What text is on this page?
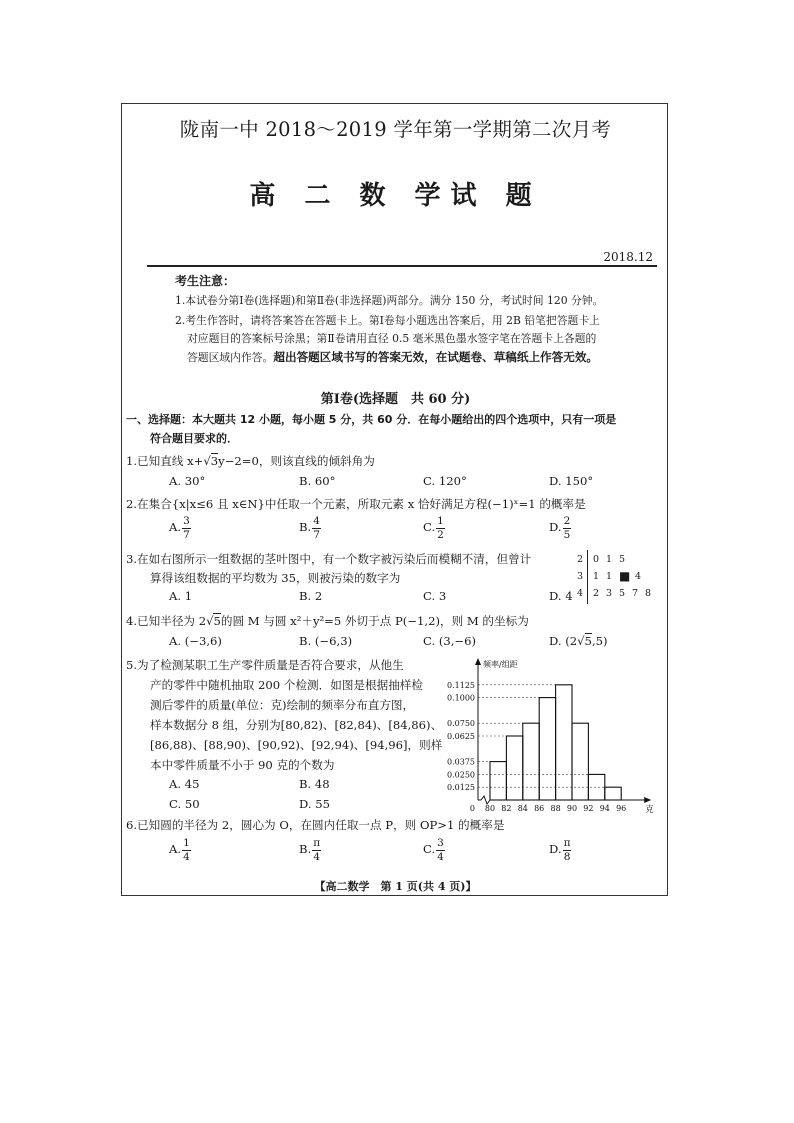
陇南一中 2018～2019 学年第一学期第二次月考
高 二 数 学试 题
2018.12
考生注意：
1.本试卷分第Ⅰ卷(选择题)和第Ⅱ卷(非选择题)两部分。满分 150 分，考试时间 120 分钟。
2.考生作答时，请将答案答在答题卡上。第Ⅰ卷每小题选出答案后，用 2B 铅笔把答题卡上
对应题目的答案标号涂黑；第Ⅱ卷请用直径 0.5 毫米黑色墨水签字笔在答题卡上各题的
答题区域内作答。超出答题区域书写的答案无效，在试题卷、草稿纸上作答无效。
第Ⅰ卷(选择题　共 60 分)
一、选择题：本大题共 12 小题，每小题 5 分，共 60 分．在每小题给出的四个选项中，只有一项是
符合题目要求的．
1.已知直线 x+√3y−2=0，则该直线的倾斜角为
A. 30°	B. 60°	C. 120°	D. 150°
2.在集合{x|x≤6 且 x∈N}中任取一个元素，所取元素 x 恰好满足方程(−1)ˣ=1 的概率是
A. $\frac{3}{7}$	B. $\frac{4}{7}$	C. $\frac{1}{2}$	D. $\frac{2}{5}$
3.在如右图所示一组数据的茎叶图中，有一个数字被污染后而模糊不清，但曾计
算得该组数据的平均数为 35，则被污染的数字为
A. 1	B. 2	C. 3	D. 4
2 0 1 5
3 1 1 ■ 4
4 2 3 5 7 8
4.已知半径为 2√5的圆 M 与圆 x²＋y²=5 外切于点 P(−1,2)，则 M 的坐标为
A. (−3,6)	B. (−6,3)	C. (3,−6)	D. (2√5,5)
5.为了检测某职工生产零件质量是否符合要求，从他生
产的零件中随机抽取 200 个检测．如图是根据抽样检
测后零件的质量(单位：克)绘制的频率分布直方图，
样本数据分 8 组，分别为[80,82)、[82,84)、[84,86)、
[86,88)、[88,90)、[90,92)、[92,94)、[94,96]，则样
本中零件质量不小于 90 克的个数为
A. 45	B. 48
C. 50	D. 55
0.0125
0.0250
0.0375
0.0625
0.0750
0.1000
0.1125
80 82 84 86 88 90 92 94 96
0
频率/组距
克
6.已知圆的半径为 2，圆心为 O，在圆内任取一点 P，则 OP>1 的概率是
A. $\frac{1}{4}$	B. $\frac{\pi}{4}$	C. $\frac{3}{4}$	D. $\frac{\pi}{8}$
【高二数学　第 1 页(共 4 页)】
